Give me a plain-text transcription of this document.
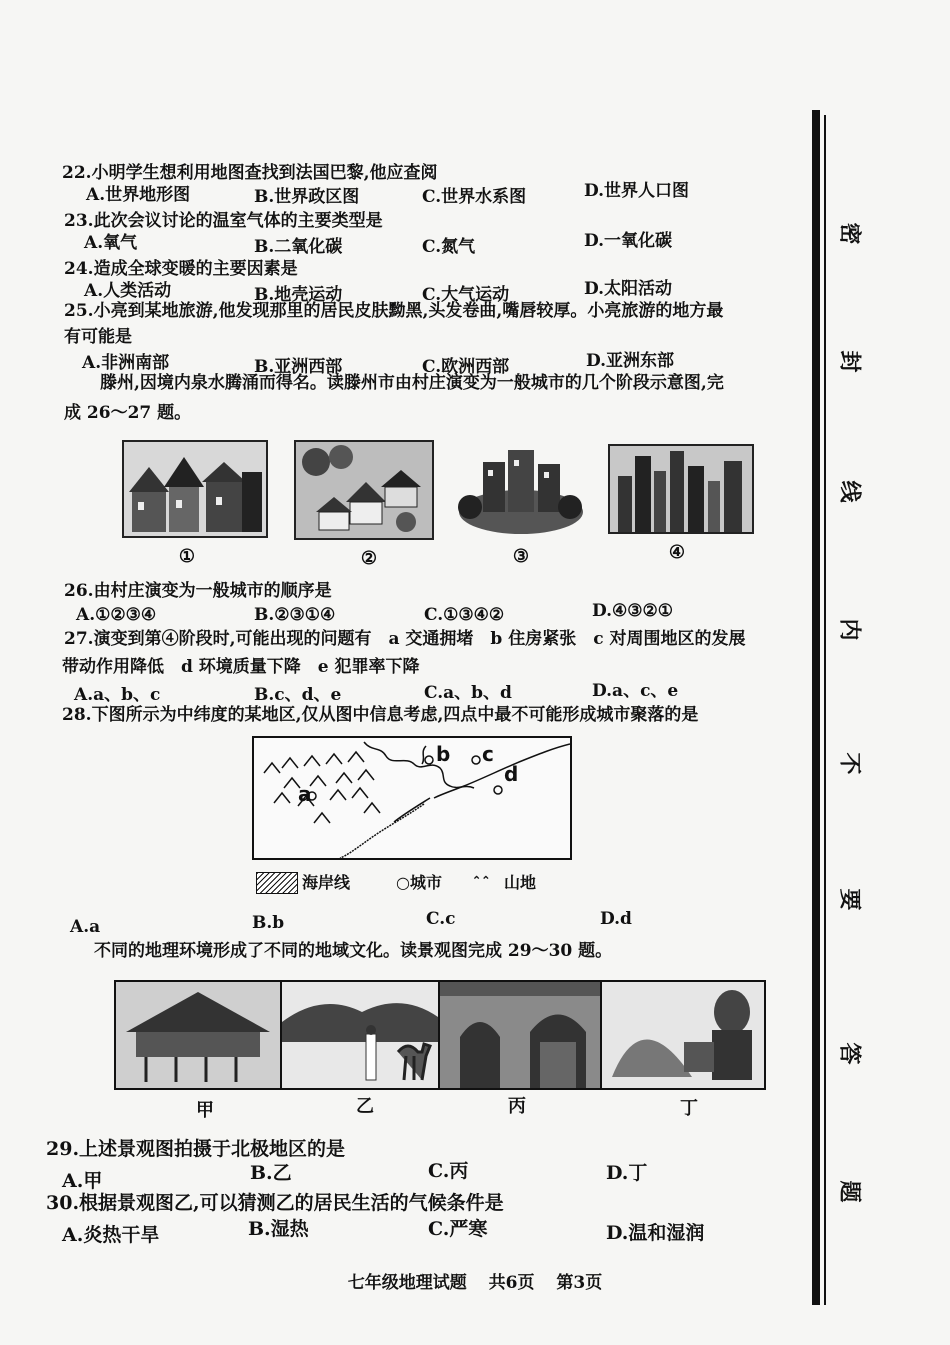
22.小明学生想利用地图查找到法国巴黎,他应查阅
A.世界地形图	B.世界政区图	C.世界水系图	D.世界人口图
23.此次会议讨论的温室气体的主要类型是
A.氧气	B.二氧化碳	C.氮气	D.一氧化碳
24.造成全球变暖的主要因素是
A.人类活动	B.地壳运动	C.大气运动	D.太阳活动
25.小亮到某地旅游,他发现那里的居民皮肤黝黑,头发卷曲,嘴唇较厚。小亮旅游的地方最
有可能是
A.非洲南部	B.亚洲西部	C.欧洲西部	D.亚洲东部
滕州,因境内泉水腾涌而得名。读滕州市由村庄演变为一般城市的几个阶段示意图,完
成 26～27 题。
①	②	③	④
26.由村庄演变为一般城市的顺序是
A.①②③④	B.②③①④	C.①③④②	D.④③②①
27.演变到第④阶段时,可能出现的问题有　a 交通拥堵　b 住房紧张　c 对周围地区的发展
带动作用降低　d 环境质量下降　e 犯罪率下降
A.a、b、c	B.c、d、e	C.a、b、d	D.a、c、e
28.下图所示为中纬度的某地区,仅从图中信息考虑,四点中最不可能形成城市聚落的是
b c
d
a
海岸线	○城市	⌃⌃ 山地
A.a	B.b	C.c	D.d
不同的地理环境形成了不同的地域文化。读景观图完成 29～30 题。
甲	乙	丙	丁
29.上述景观图拍摄于北极地区的是
A.甲	B.乙	C.丙	D.丁
30.根据景观图乙,可以猜测乙的居民生活的气候条件是
A.炎热干旱	B.湿热	C.严寒	D.温和湿润
密
封
线
内
不
要
答
题
七年级地理试题 共6页 第3页
